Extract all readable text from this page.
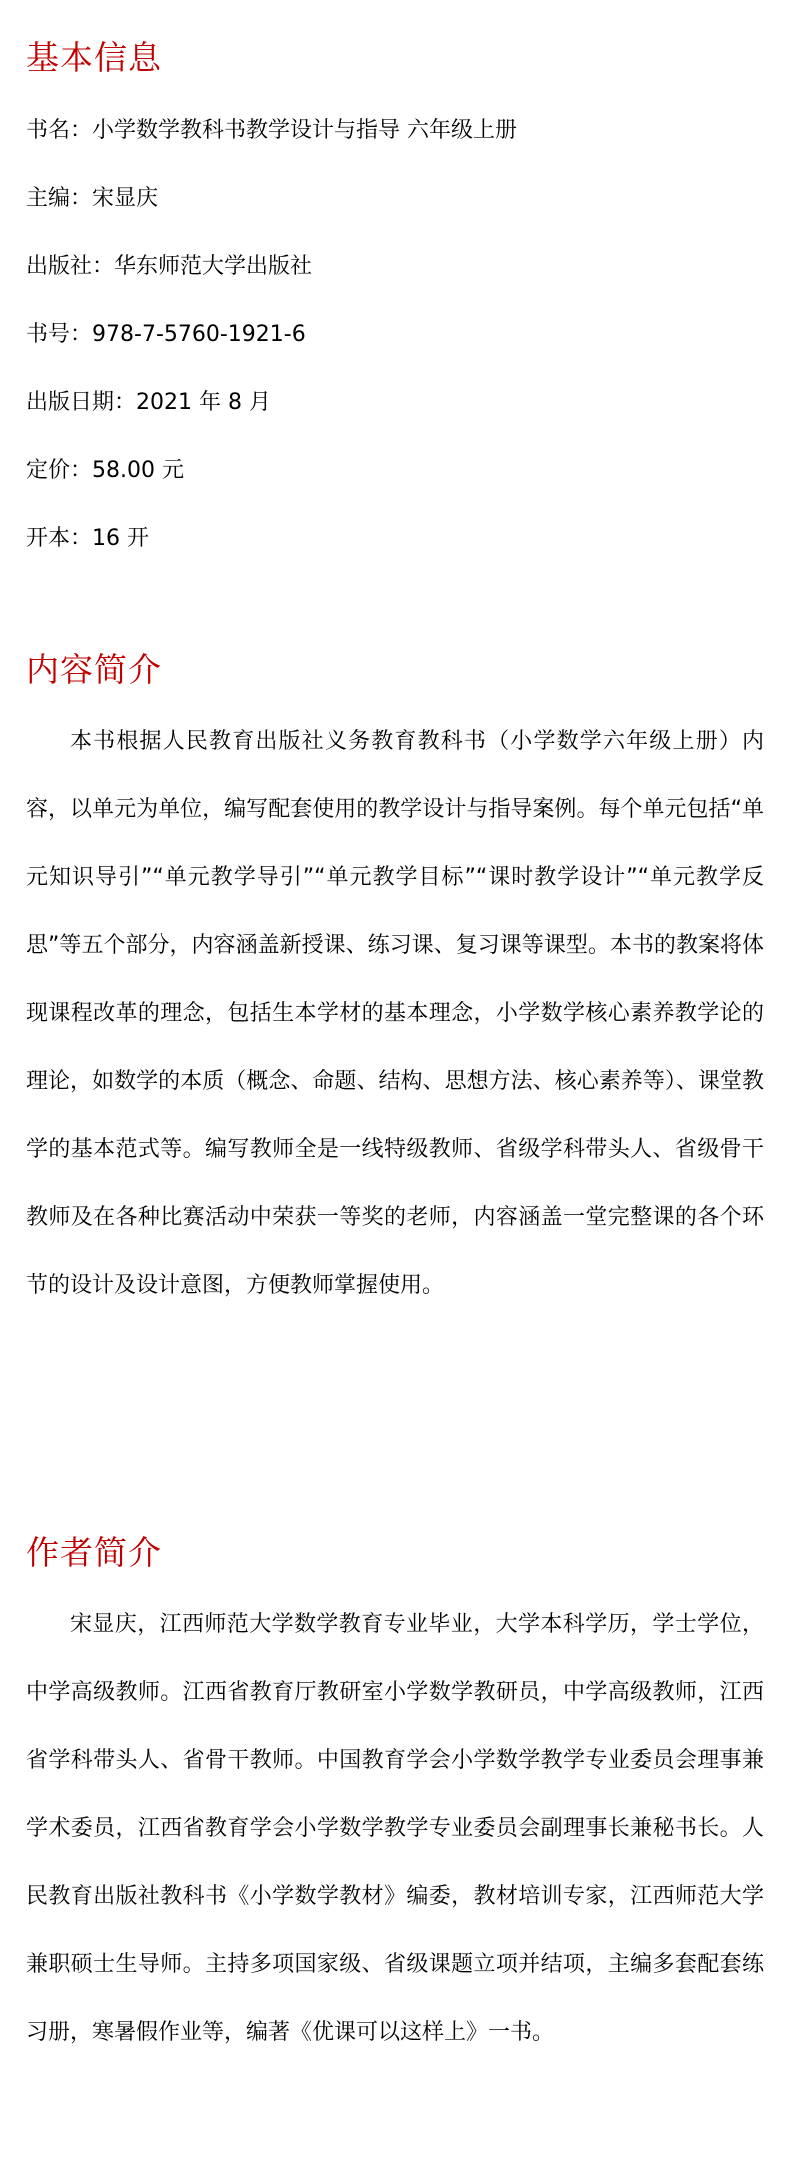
基本信息
书名：小学数学教科书教学设计与指导 六年级上册
主编：宋显庆
出版社：华东师范大学出版社
书号：978-7-5760-1921-6
出版日期：2021 年 8 月
定价：58.00 元
开本：16 开
内容简介

本书根据人民教育出版社义务教育教科书（小学数学六年级上册）内容，以单元为单位，编写配套使用的教学设计与指导案例。每个单元包括“单元知识导引”“单元教学导引”“单元教学目标”“课时教学设计”“单元教学反思”等五个部分，内容涵盖新授课、练习课、复习课等课型。本书的教案将体现课程改革的理念，包括生本学材的基本理念，小学数学核心素养教学论的理论，如数学的本质（概念、命题、结构、思想方法、核心素养等）、课堂教学的基本范式等。编写教师全是一线特级教师、省级学科带头人、省级骨干教师及在各种比赛活动中荣获一等奖的老师，内容涵盖一堂完整课的各个环节的设计及设计意图，方便教师掌握使用。

作者简介

宋显庆，江西师范大学数学教育专业毕业，大学本科学历，学士学位，中学高级教师。江西省教育厅教研室小学数学教研员，中学高级教师，江西省学科带头人、省骨干教师。中国教育学会小学数学教学专业委员会理事兼学术委员，江西省教育学会小学数学教学专业委员会副理事长兼秘书长。人民教育出版社教科书《小学数学教材》编委，教材培训专家，江西师范大学兼职硕士生导师。主持多项国家级、省级课题立项并结项，主编多套配套练习册，寒暑假作业等，编著《优课可以这样上》一书。
